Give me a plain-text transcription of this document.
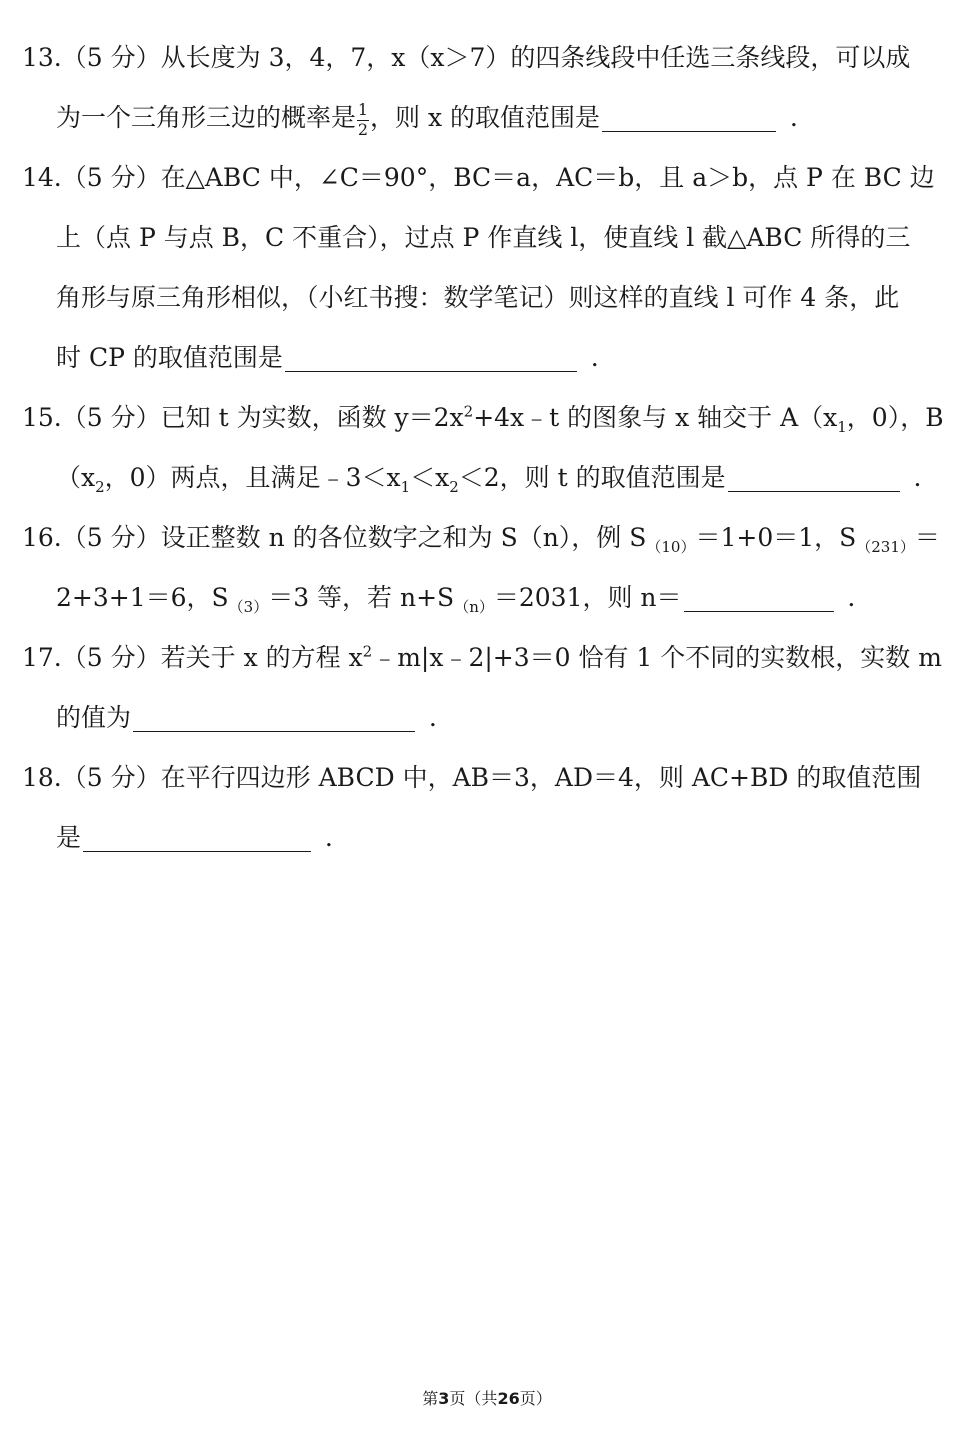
13.（5 分）从长度为 3，4，7，x（x＞7）的四条线段中任选三条线段，可以成
为一个三角形三边的概率是 $\frac{1}{2}$ ，则 x 的取值范围是	．
14.（5 分）在△ABC 中，∠C＝90°，BC＝a，AC＝b，且 a＞b，点 P 在 BC 边
上（点 P 与点 B，C 不重合），过点 P 作直线 l，使直线 l 截△ABC 所得的三
角形与原三角形相似，（小红书搜：数学笔记）则这样的直线 l 可作 4 条，此
时 CP 的取值范围是	．
15.（5 分）已知 t 为实数，函数 $y=2x^2+4x﹣t$ 的图象与 x 轴交于 $A(x_1$，0），B
（$x_2$，0）两点，且满足$﹣3<x_1<x_2<2$，则 t 的取值范围是	．
16.（5 分）设正整数 n 的各位数字之和为 S（n），例 $S_{(10)}=1+0=1$，$S_{(231)}=$
2+3+1＝6，$S_{(3)}=3$ 等，若 $n+S_{(n)}=2031$，则 n＝	．
17.（5 分）若关于 x 的方程 $x^2﹣m|x﹣2|+3=0$ 恰有 1 个不同的实数根，实数 m
的值为	．
18.（5 分）在平行四边形 ABCD 中，AB＝3，AD＝4，则 AC+BD 的取值范围
是	．
第3页（共26页）
